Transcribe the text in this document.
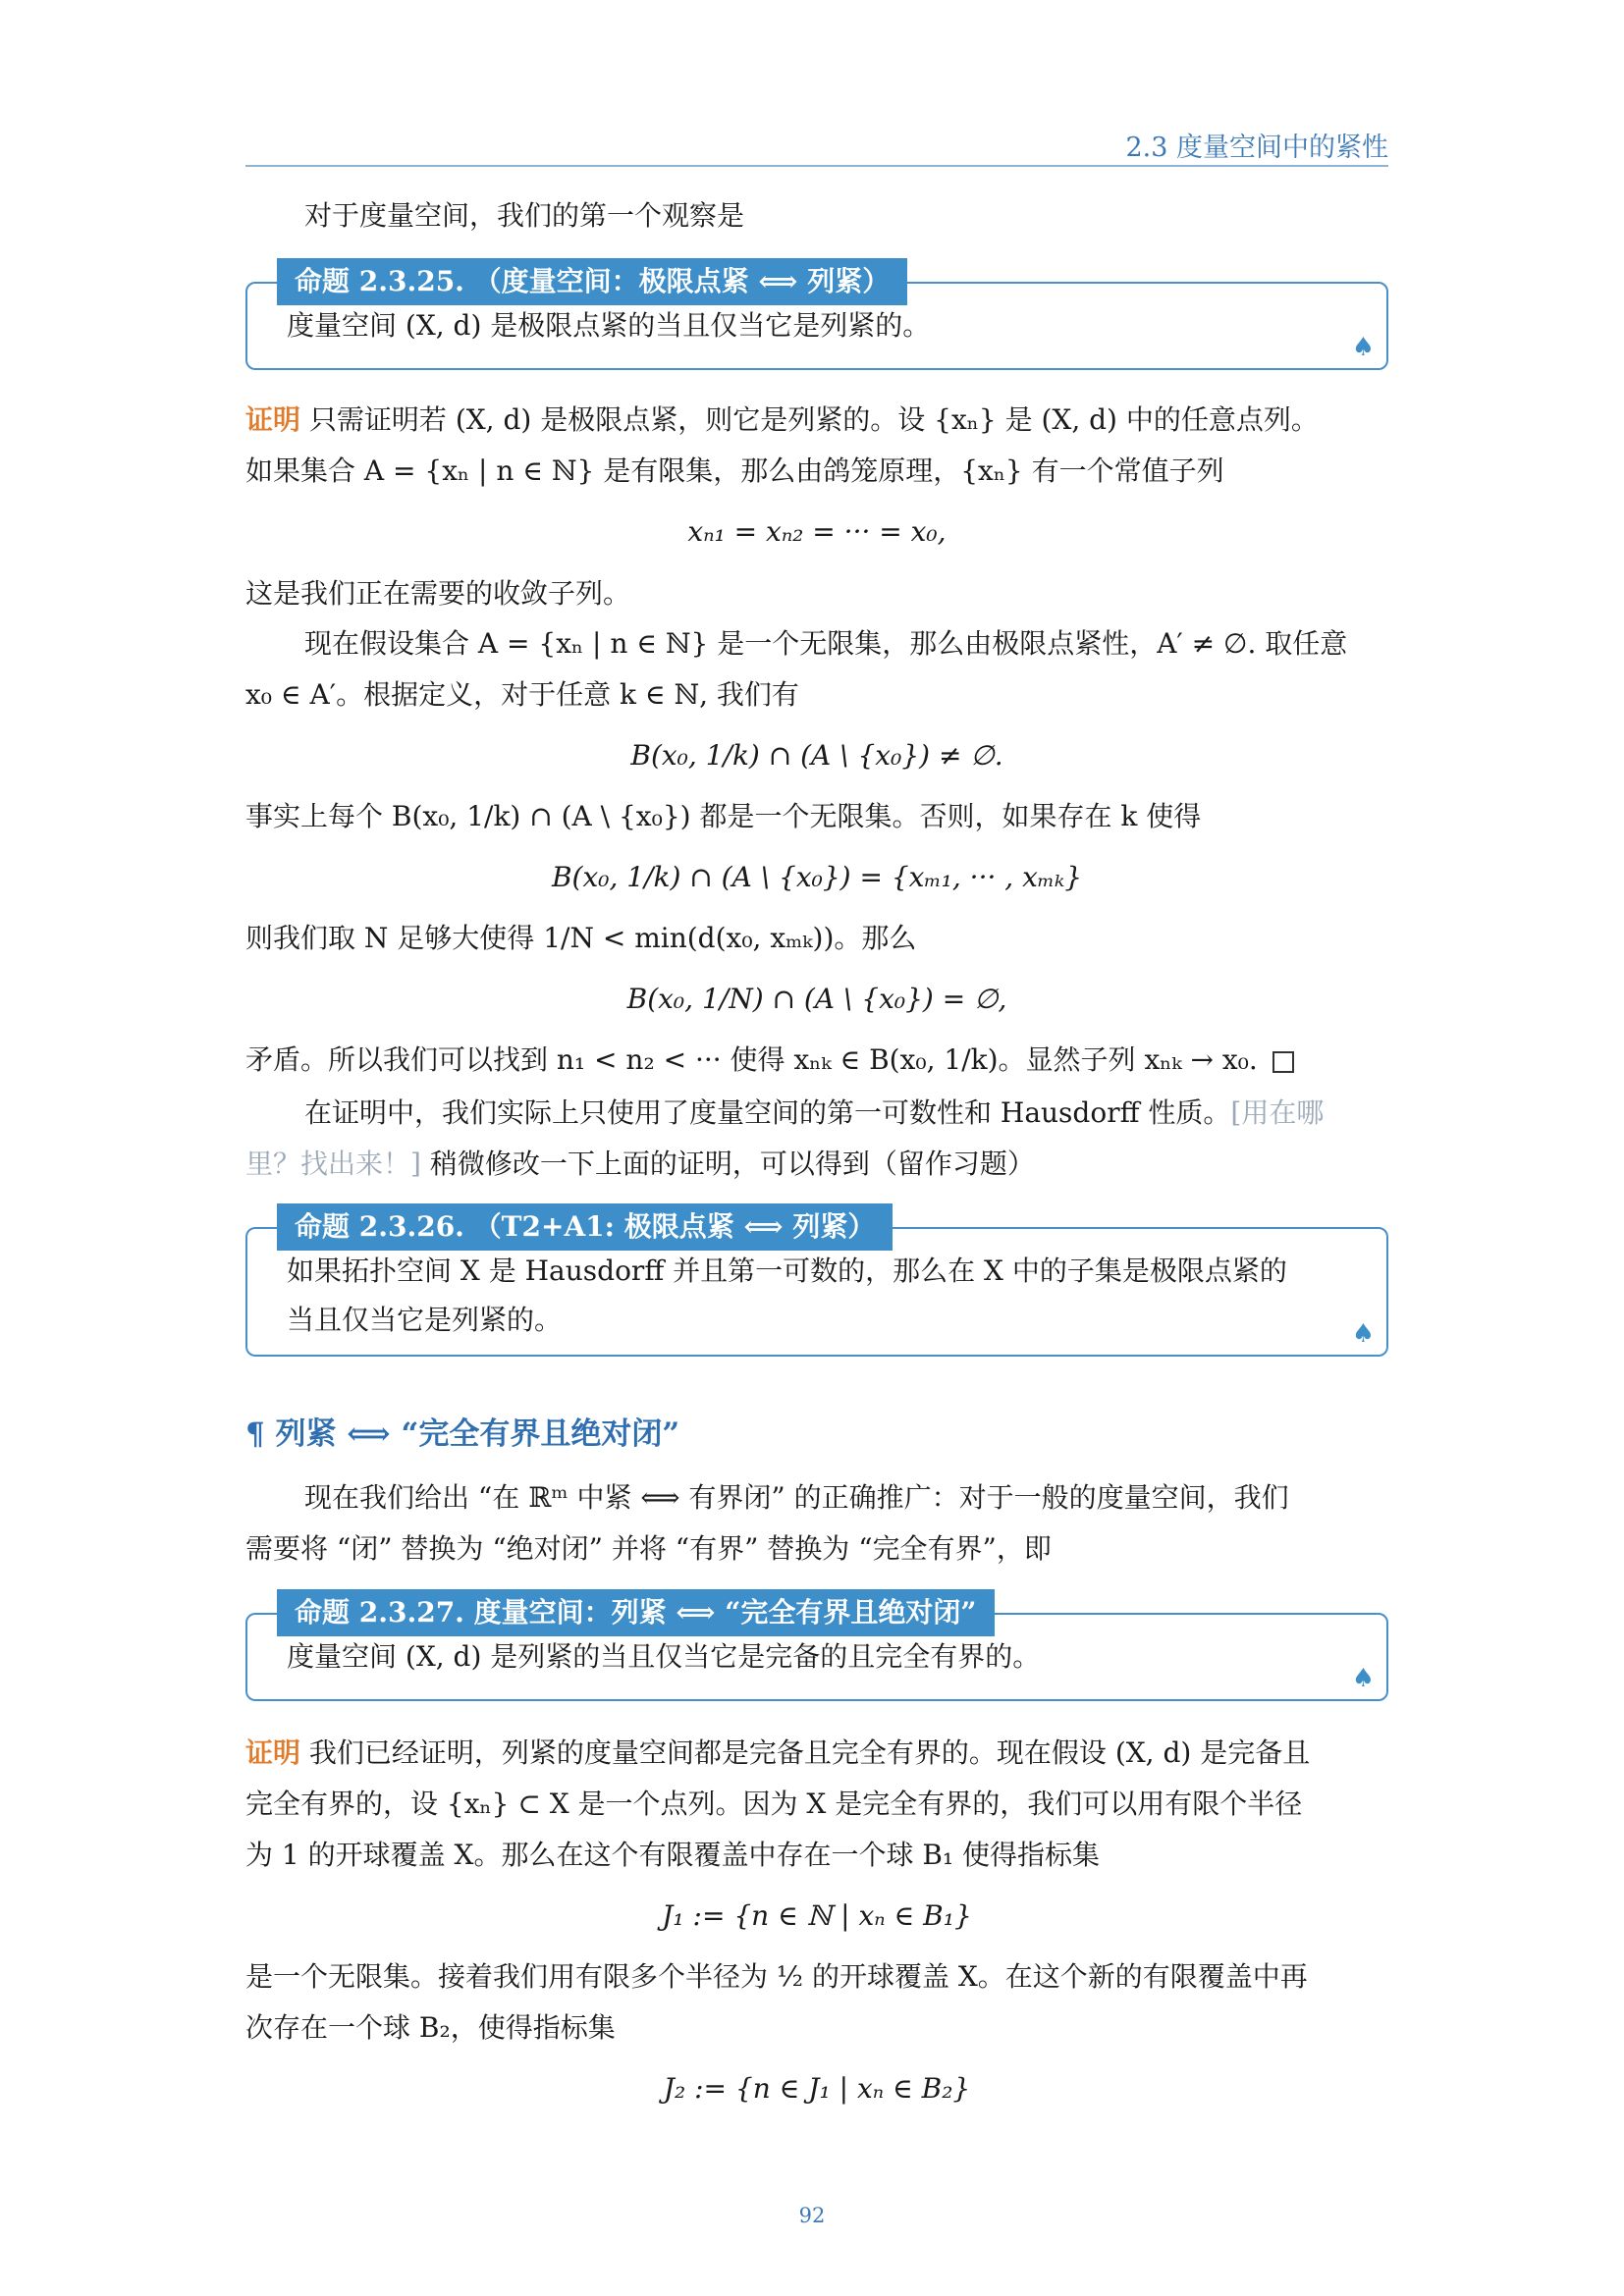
2.3 度量空间中的紧性
对于度量空间，我们的第一个观察是
命题 2.3.25. （度量空间：极限点紧 ⟺ 列紧）
度量空间 (X, d) 是极限点紧的当且仅当它是列紧的。
♠
证明 只需证明若 (X, d) 是极限点紧，则它是列紧的。设 {xₙ} 是 (X, d) 中的任意点列。
如果集合 A = {xₙ | n ∈ ℕ} 是有限集，那么由鸽笼原理，{xₙ} 有一个常值子列
xₙ₁ = xₙ₂ = ··· = x₀,
这是我们正在需要的收敛子列。
现在假设集合 A = {xₙ | n ∈ ℕ} 是一个无限集，那么由极限点紧性，A′ ≠ ∅. 取任意
x₀ ∈ A′。根据定义，对于任意 k ∈ ℕ, 我们有
B(x₀, 1/k) ∩ (A \ {x₀}) ≠ ∅.
事实上每个 B(x₀, 1/k) ∩ (A \ {x₀}) 都是一个无限集。否则，如果存在 k 使得
B(x₀, 1/k) ∩ (A \ {x₀}) = {xₘ₁, ··· , xₘₖ}
则我们取 N 足够大使得 1/N < min(d(x₀, xₘₖ))。那么
B(x₀, 1/N) ∩ (A \ {x₀}) = ∅,
矛盾。所以我们可以找到 n₁ < n₂ < ··· 使得 xₙₖ ∈ B(x₀, 1/k)。显然子列 xₙₖ → x₀.
在证明中，我们实际上只使用了度量空间的第一可数性和 Hausdorff 性质。[用在哪
里？找出来！] 稍微修改一下上面的证明，可以得到（留作习题）
命题 2.3.26. （T2+A1: 极限点紧 ⟺ 列紧）
如果拓扑空间 X 是 Hausdorff 并且第一可数的，那么在 X 中的子集是极限点紧的
当且仅当它是列紧的。	♠
¶ 列紧 ⟺ “完全有界且绝对闭”
现在我们给出 “在 ℝᵐ 中紧 ⟺ 有界闭” 的正确推广：对于一般的度量空间，我们
需要将 “闭” 替换为 “绝对闭” 并将 “有界” 替换为 “完全有界”，即
命题 2.3.27. 度量空间：列紧 ⟺ “完全有界且绝对闭”
度量空间 (X, d) 是列紧的当且仅当它是完备的且完全有界的。
♠
证明 我们已经证明，列紧的度量空间都是完备且完全有界的。现在假设 (X, d) 是完备且
完全有界的，设 {xₙ} ⊂ X 是一个点列。因为 X 是完全有界的，我们可以用有限个半径
为 1 的开球覆盖 X。那么在这个有限覆盖中存在一个球 B₁ 使得指标集
J₁ := {n ∈ ℕ | xₙ ∈ B₁}
是一个无限集。接着我们用有限多个半径为 ½ 的开球覆盖 X。在这个新的有限覆盖中再
次存在一个球 B₂，使得指标集
J₂ := {n ∈ J₁ | xₙ ∈ B₂}
92
